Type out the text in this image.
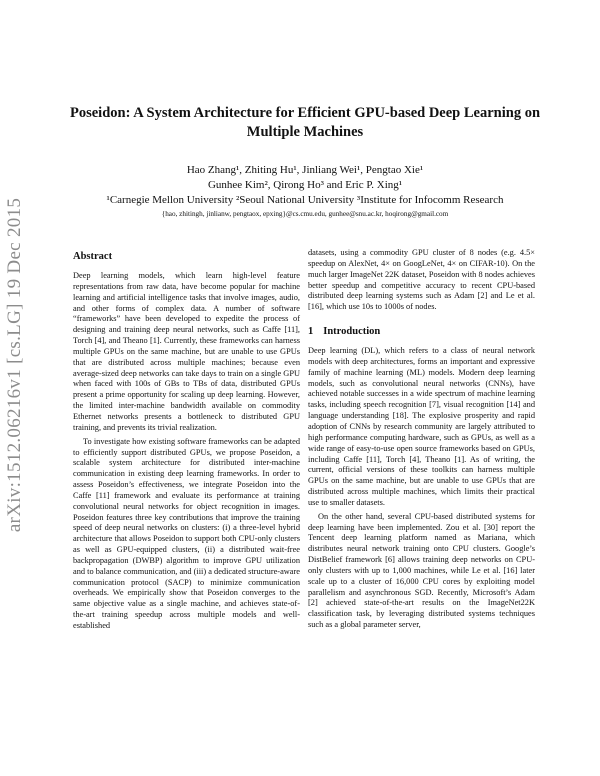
arXiv:1512.06216v1 [cs.LG] 19 Dec 2015
Poseidon: A System Architecture for Efficient GPU-based Deep Learning on Multiple Machines
Hao Zhang¹, Zhiting Hu¹, Jinliang Wei¹, Pengtao Xie¹
Gunhee Kim², Qirong Ho³ and Eric P. Xing¹
¹Carnegie Mellon University ²Seoul National University ³Institute for Infocomm Research
{hao, zhitingh, jinlianw, pengtaox, epxing}@cs.cmu.edu, gunhee@snu.ac.kr, hoqirong@gmail.com
Abstract

Deep learning models, which learn high-level feature representations from raw data, have become popular for machine learning and artificial intelligence tasks that involve images, audio, and other forms of complex data. A number of software “frameworks” have been developed to expedite the process of designing and training deep neural networks, such as Caffe [11], Torch [4], and Theano [1]. Currently, these frameworks can harness multiple GPUs on the same machine, but are unable to use GPUs that are distributed across multiple machines; because even average-sized deep networks can take days to train on a single GPU when faced with 100s of GBs to TBs of data, distributed GPUs present a prime opportunity for scaling up deep learning. However, the limited inter-machine bandwidth available on commodity Ethernet networks presents a bottleneck to distributed GPU training, and prevents its trivial realization.

To investigate how existing software frameworks can be adapted to efficiently support distributed GPUs, we propose Poseidon, a scalable system architecture for distributed inter-machine communication in existing deep learning frameworks. In order to assess Poseidon’s effectiveness, we integrate Poseidon into the Caffe [11] framework and evaluate its performance at training convolutional neural networks for object recognition in images. Poseidon features three key contributions that improve the training speed of deep neural networks on clusters: (i) a three-level hybrid architecture that allows Poseidon to support both CPU-only clusters as well as GPU-equipped clusters, (ii) a distributed wait-free backpropagation (DWBP) algorithm to improve GPU utilization and to balance communication, and (iii) a dedicated structure-aware communication protocol (SACP) to minimize communication overheads. We empirically show that Poseidon converges to the same objective value as a single machine, and achieves state-of-the-art training speedup across multiple models and well-established

datasets, using a commodity GPU cluster of 8 nodes (e.g. 4.5× speedup on AlexNet, 4× on GoogLeNet, 4× on CIFAR-10). On the much larger ImageNet 22K dataset, Poseidon with 8 nodes achieves better speedup and competitive accuracy to recent CPU-based distributed deep learning systems such as Adam [2] and Le et al. [16], which use 10s to 1000s of nodes.

1 Introduction

Deep learning (DL), which refers to a class of neural network models with deep architectures, forms an important and expressive family of machine learning (ML) models. Modern deep learning models, such as convolutional neural networks (CNNs), have achieved notable successes in a wide spectrum of machine learning tasks, including speech recognition [7], visual recognition [14] and language understanding [18]. The explosive prosperity and rapid adoption of CNNs by research community are largely attributed to high performance computing hardware, such as GPUs, as well as a wide range of easy-to-use open source frameworks based on GPUs, including Caffe [11], Torch [4], Theano [1]. As of writing, the current, official versions of these toolkits can harness multiple GPUs on the same machine, but are unable to use GPUs that are distributed across multiple machines, which limits their practical use to smaller datasets.

On the other hand, several CPU-based distributed systems for deep learning have been implemented. Zou et al. [30] report the Tencent deep learning platform named as Mariana, which distributes neural network training onto CPU clusters. Google’s DistBelief framework [6] allows training deep networks on CPU-only clusters with up to 1,000 machines, while Le et al. [16] later scale up to a cluster of 16,000 CPU cores by exploiting model parallelism and asynchronous SGD. Recently, Microsoft’s Adam [2] achieved state-of-the-art results on the ImageNet22K classification task, by leveraging distributed systems techniques such as a global parameter server,
